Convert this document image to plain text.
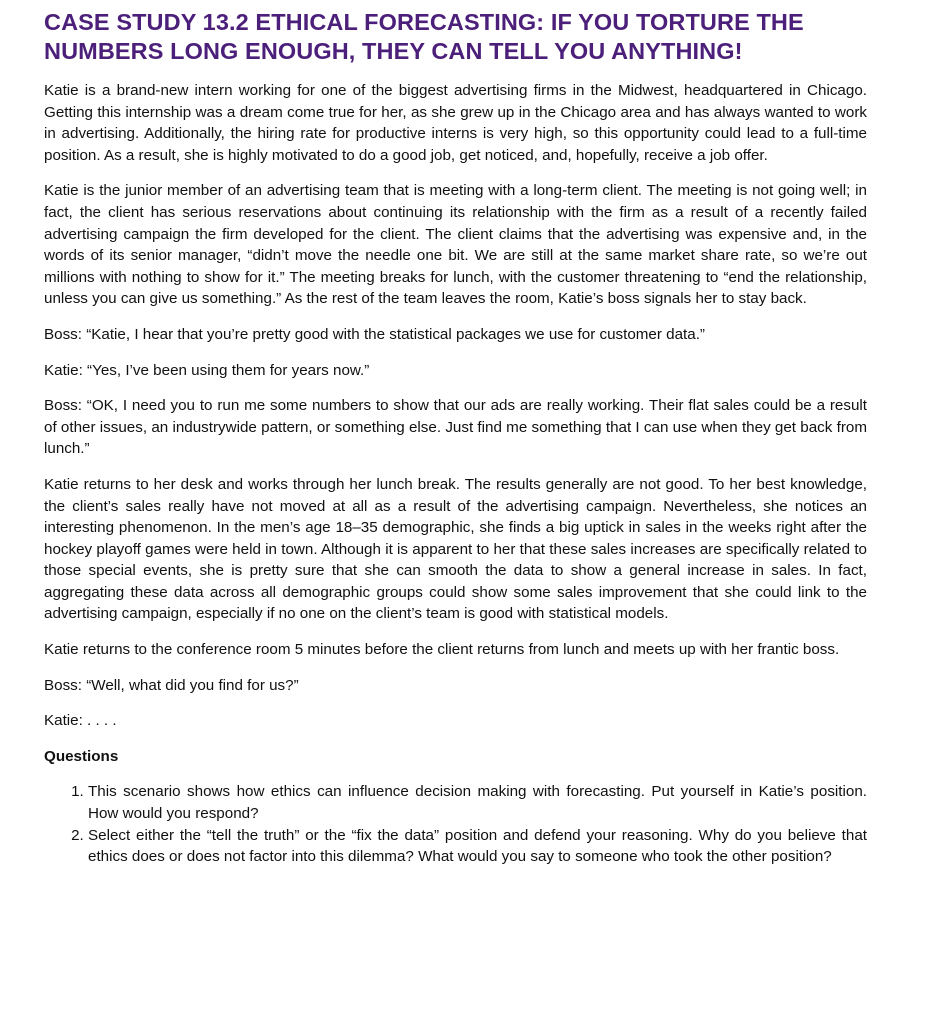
CASE STUDY 13.2 ETHICAL FORECASTING: IF YOU TORTURE THE NUMBERS LONG ENOUGH, THEY CAN TELL YOU ANYTHING!

Katie is a brand-new intern working for one of the biggest advertising firms in the Midwest, headquartered in Chicago. Getting this internship was a dream come true for her, as she grew up in the Chicago area and has always wanted to work in advertising. Additionally, the hiring rate for productive interns is very high, so this opportunity could lead to a full-time position. As a result, she is highly motivated to do a good job, get noticed, and, hopefully, receive a job offer.

Katie is the junior member of an advertising team that is meeting with a long-term client. The meeting is not going well; in fact, the client has serious reservations about continuing its relationship with the firm as a result of a recently failed advertising campaign the firm developed for the client. The client claims that the advertising was expensive and, in the words of its senior manager, “didn’t move the needle one bit. We are still at the same market share rate, so we’re out millions with nothing to show for it.” The meeting breaks for lunch, with the customer threatening to “end the relationship, unless you can give us something.” As the rest of the team leaves the room, Katie’s boss signals her to stay back.

Boss: “Katie, I hear that you’re pretty good with the statistical packages we use for customer data.”

Katie: “Yes, I’ve been using them for years now.”

Boss: “OK, I need you to run me some numbers to show that our ads are really working. Their flat sales could be a result of other issues, an industrywide pattern, or something else. Just find me something that I can use when they get back from lunch.”

Katie returns to her desk and works through her lunch break. The results generally are not good. To her best knowledge, the client’s sales really have not moved at all as a result of the advertising campaign. Nevertheless, she notices an interesting phenomenon. In the men’s age 18–35 demographic, she finds a big uptick in sales in the weeks right after the hockey playoff games were held in town. Although it is apparent to her that these sales increases are specifically related to those special events, she is pretty sure that she can smooth the data to show a general increase in sales. In fact, aggregating these data across all demographic groups could show some sales improvement that she could link to the advertising campaign, especially if no one on the client’s team is good with statistical models.

Katie returns to the conference room 5 minutes before the client returns from lunch and meets up with her frantic boss.

Boss: “Well, what did you find for us?”

Katie: . . . .

Questions
1. This scenario shows how ethics can influence decision making with forecasting. Put yourself in Katie’s position. How would you respond?
2. Select either the “tell the truth” or the “fix the data” position and defend your reasoning. Why do you believe that ethics does or does not factor into this dilemma? What would you say to someone who took the other position?
